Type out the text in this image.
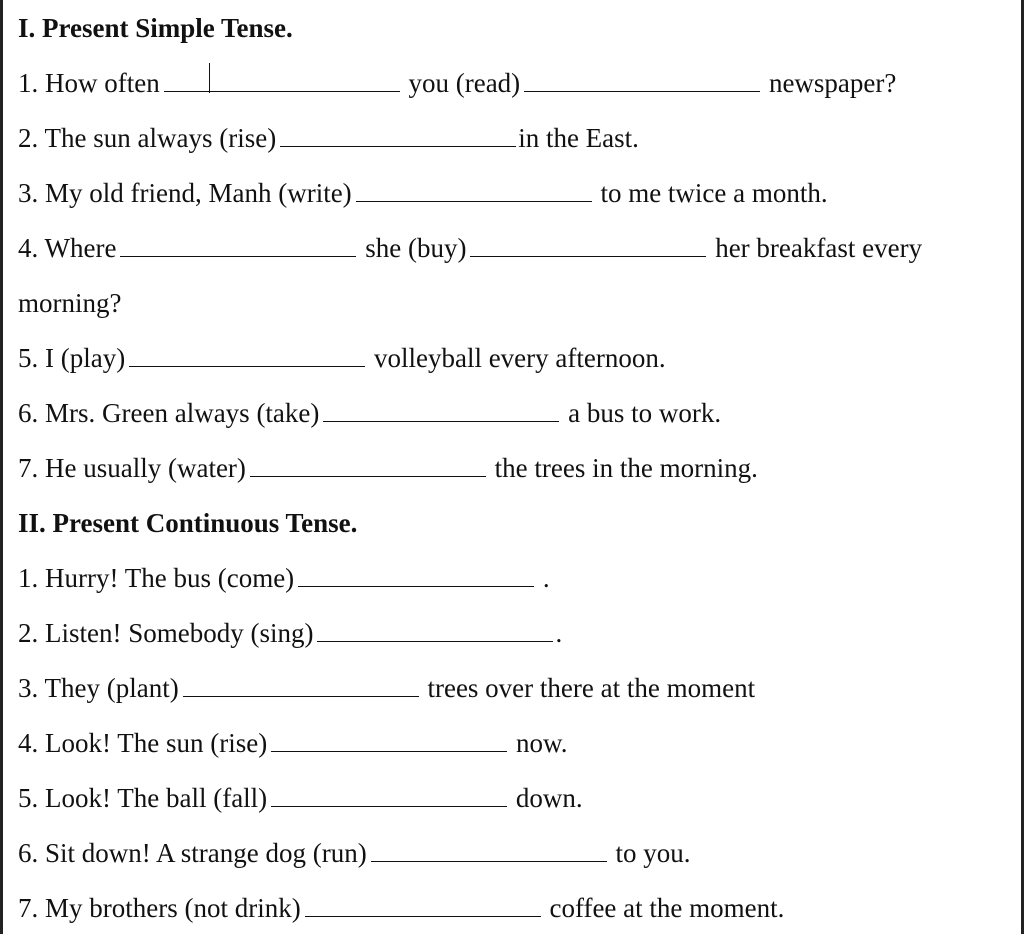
I. Present Simple Tense.
1. How often	you (read)	newspaper?
2. The sun always (rise)	in the East.
3. My old friend, Manh (write)	to me twice a month.
4. Where	she (buy)	her breakfast every
morning?
5. I (play)	volleyball every afternoon.
6. Mrs. Green always (take)	a bus to work.
7. He usually (water)	the trees in the morning.
II. Present Continuous Tense.
1. Hurry! The bus (come)	.
2. Listen! Somebody (sing)	.
3. They (plant)	trees over there at the moment
4. Look! The sun (rise)	now.
5. Look! The ball (fall)	down.
6. Sit down! A strange dog (run)	to you.
7. My brothers (not drink)	coffee at the moment.
